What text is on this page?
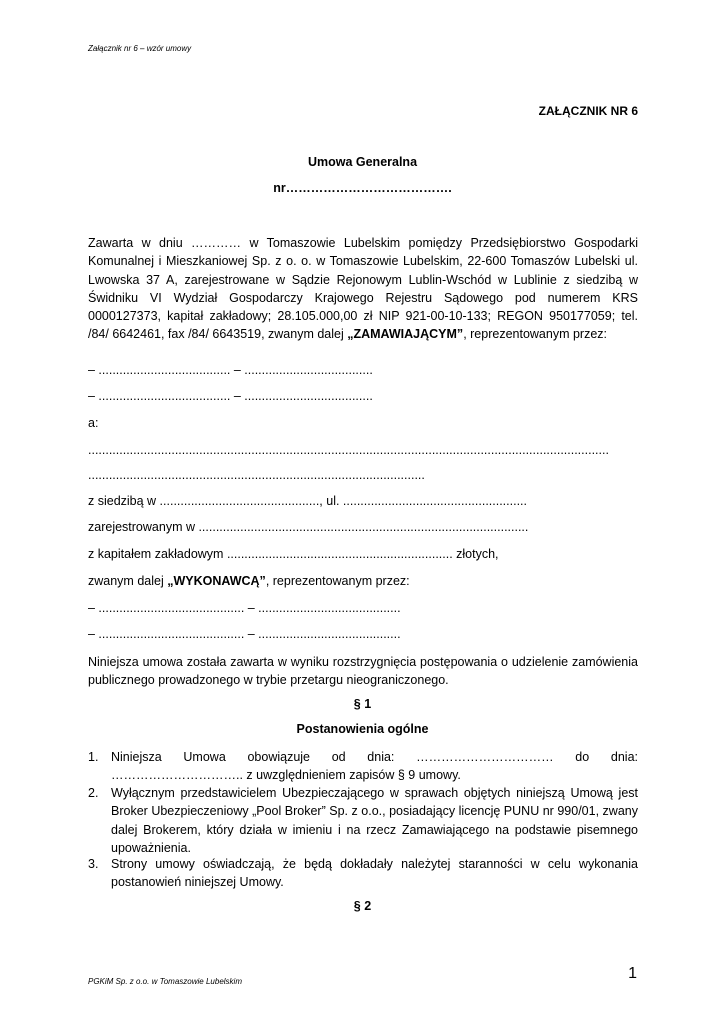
Załącznik nr 6 – wzór umowy
ZAŁĄCZNIK NR 6
Umowa Generalna
nr………………………………….
Zawarta w dniu ………… w Tomaszowie Lubelskim pomiędzy Przedsiębiorstwo Gospodarki Komunalnej i Mieszkaniowej Sp. z o. o. w Tomaszowie Lubelskim, 22-600 Tomaszów Lubelski ul. Lwowska 37 A, zarejestrowane w Sądzie Rejonowym Lublin-Wschód w Lublinie z siedzibą w Świdniku VI Wydział Gospodarczy Krajowego Rejestru Sądowego pod numerem KRS 0000127373, kapitał zakładowy; 28.105.000,00 zł NIP 921-00-10-133; REGON 950177059; tel. /84/ 6642461, fax /84/ 6643519, zwanym dalej „ZAMAWIAJĄCYM”, reprezentowanym przez:
– ...................................... – .....................................
– ...................................... – .....................................
a:
......................................................................................................................................................
.................................................................................................
z siedzibą w .............................................., ul. .....................................................
zarejestrowanym w ...............................................................................................
z kapitałem zakładowym ................................................................. złotych,
zwanym dalej „WYKONAWCĄ”, reprezentowanym przez:
– .......................................... – .........................................
– .......................................... – .........................................
Niniejsza umowa została zawarta w wyniku rozstrzygnięcia postępowania o udzielenie zamówienia publicznego prowadzonego w trybie przetargu nieograniczonego.
§ 1
Postanowienia ogólne
1. Niniejsza Umowa obowiązuje od dnia: …………………………… do dnia: ………………………….. z uwzględnieniem zapisów § 9 umowy.
2. Wyłącznym przedstawicielem Ubezpieczającego w sprawach objętych niniejszą Umową jest Broker Ubezpieczeniowy „Pool Broker” Sp. z o.o., posiadający licencję PUNU nr 990/01, zwany dalej Brokerem, który działa w imieniu i na rzecz Zamawiającego na podstawie pisemnego upoważnienia.
3. Strony umowy oświadczają, że będą dokładały należytej staranności w celu wykonania postanowień niniejszej Umowy.
§ 2
PGKiM Sp. z o.o. w Tomaszowie Lubelskim	1
